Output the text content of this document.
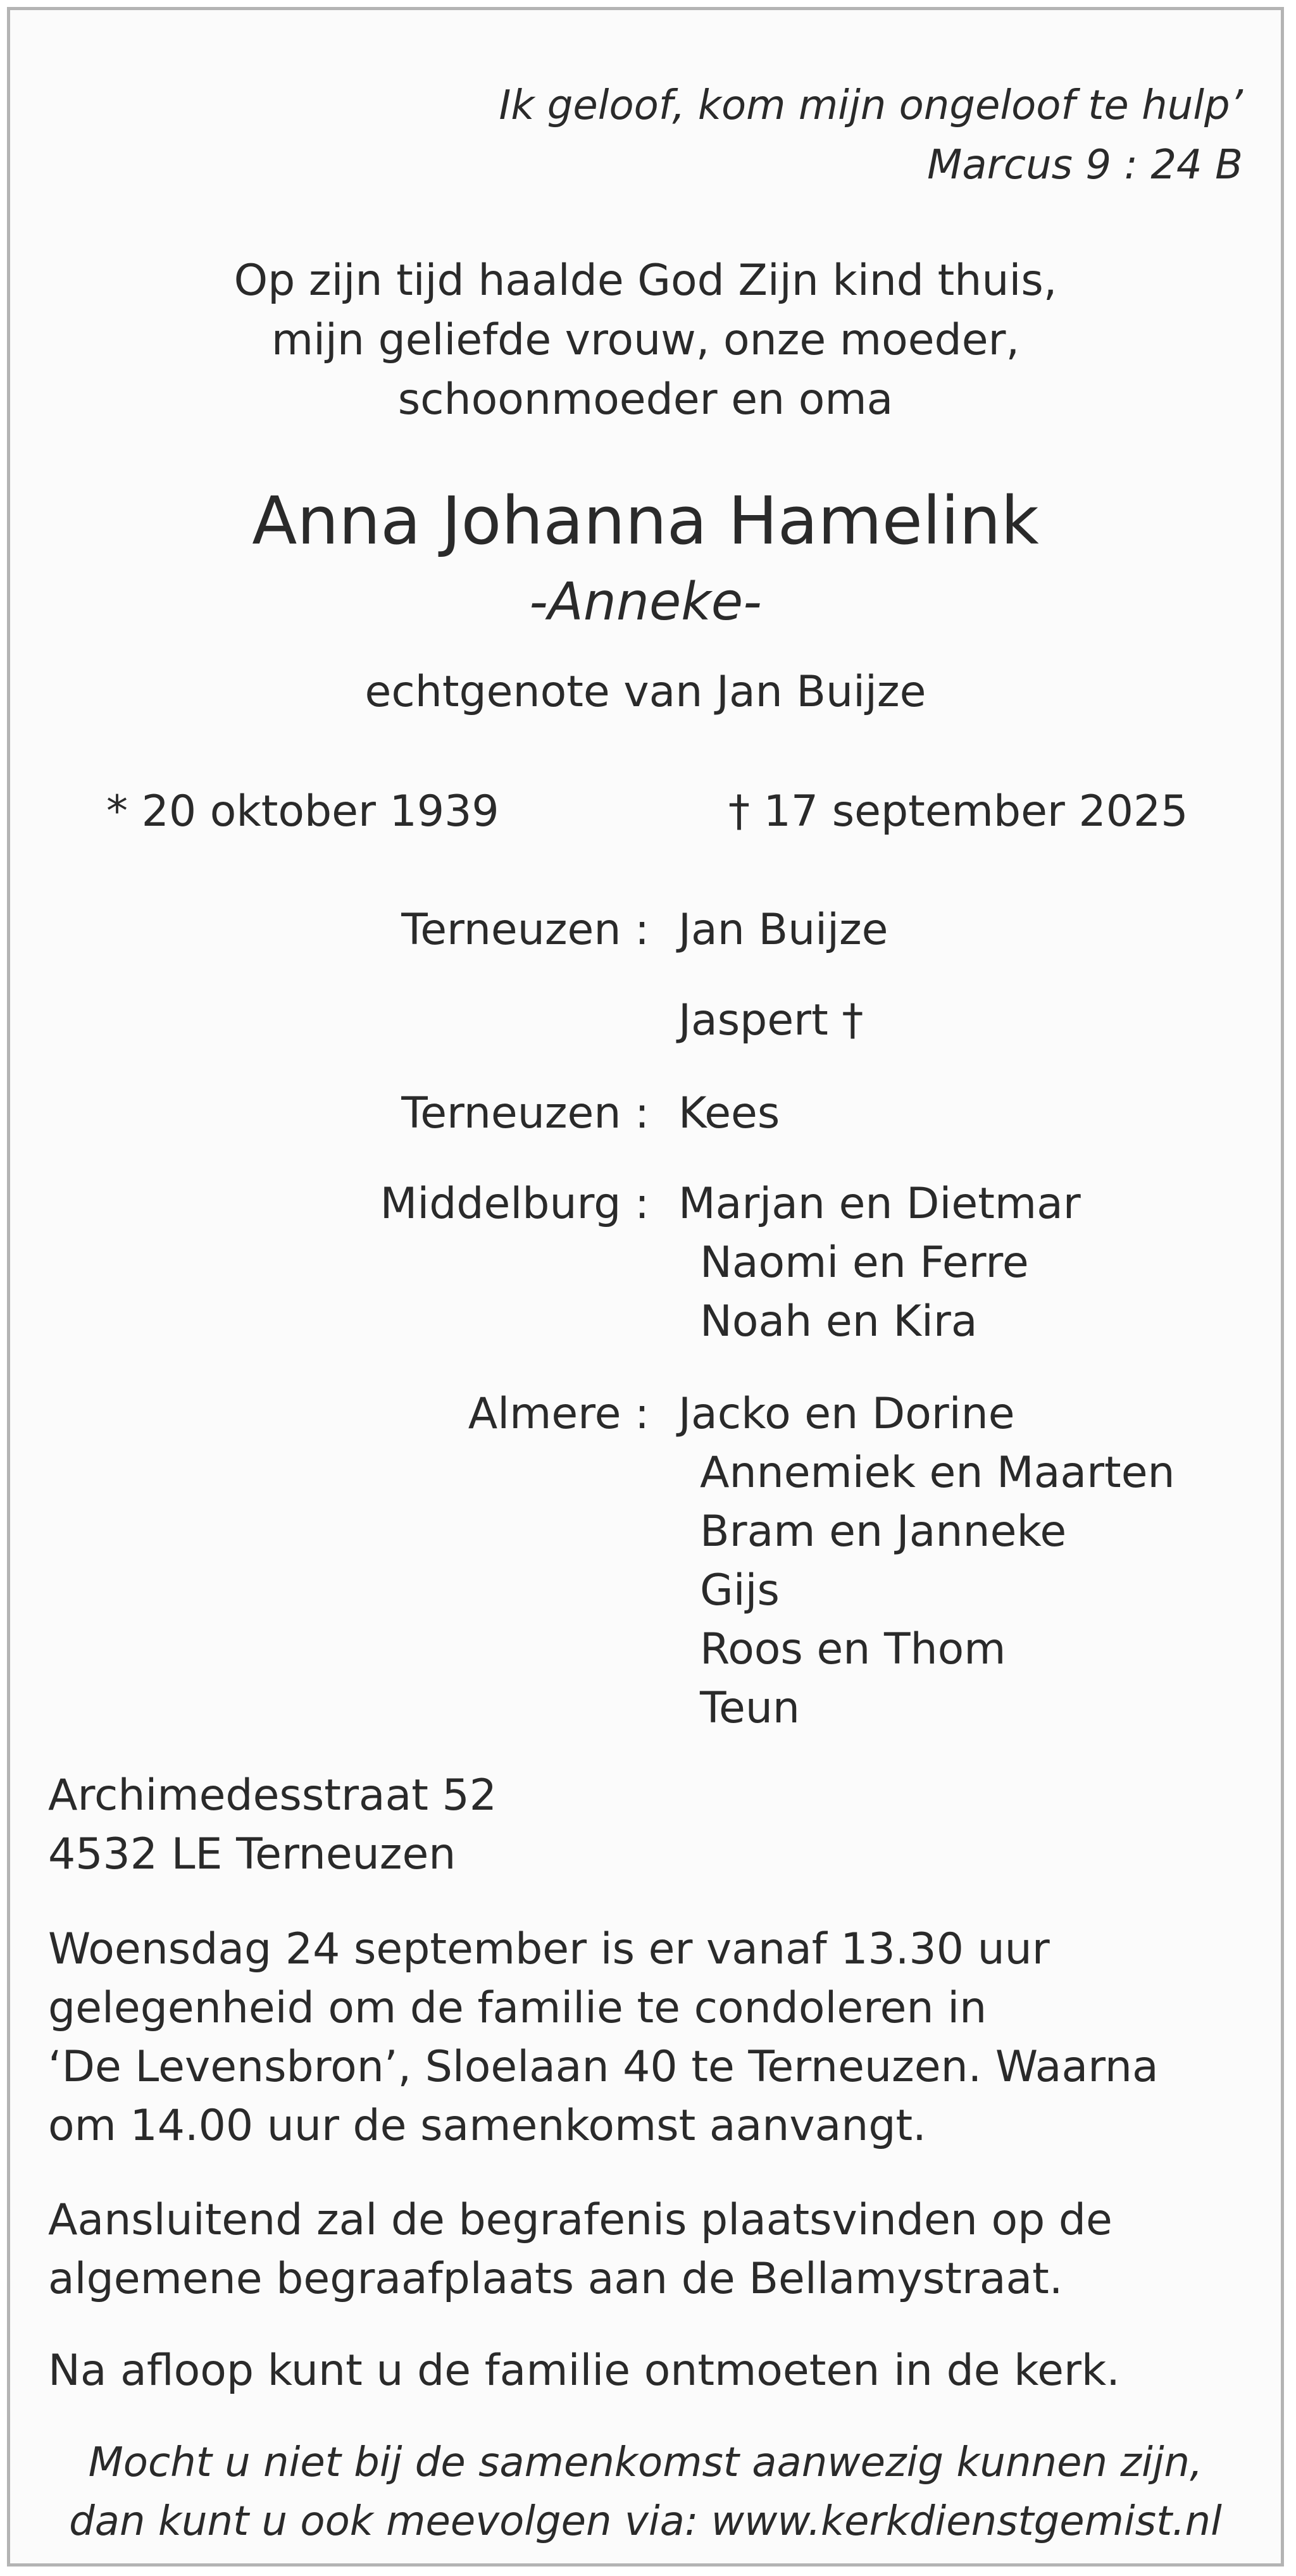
Ik geloof, kom mijn ongeloof te hulp’
Marcus 9 : 24 B
Op zijn tijd haalde God Zijn kind thuis,
mijn geliefde vrouw, onze moeder,
schoonmoeder en oma
Anna Johanna Hamelink
-Anneke-
echtgenote van Jan Buijze
* 20 oktober 1939	† 17 september 2025
Terneuzen : Jan Buijze
Jaspert †
Terneuzen : Kees
Middelburg : Marjan en Dietmar
Naomi en Ferre
Noah en Kira
Almere : Jacko en Dorine
Annemiek en Maarten
Bram en Janneke
Gijs
Roos en Thom
Teun
Archimedesstraat 52
4532 LE Terneuzen
Woensdag 24 september is er vanaf 13.30 uur
gelegenheid om de familie te condoleren in
‘De Levensbron’, Sloelaan 40 te Terneuzen. Waarna
om 14.00 uur de samenkomst aanvangt.
Aansluitend zal de begrafenis plaatsvinden op de
algemene begraafplaats aan de Bellamystraat.
Na afloop kunt u de familie ontmoeten in de kerk.
Mocht u niet bij de samenkomst aanwezig kunnen zijn,
dan kunt u ook meevolgen via: www.kerkdienstgemist.nl
